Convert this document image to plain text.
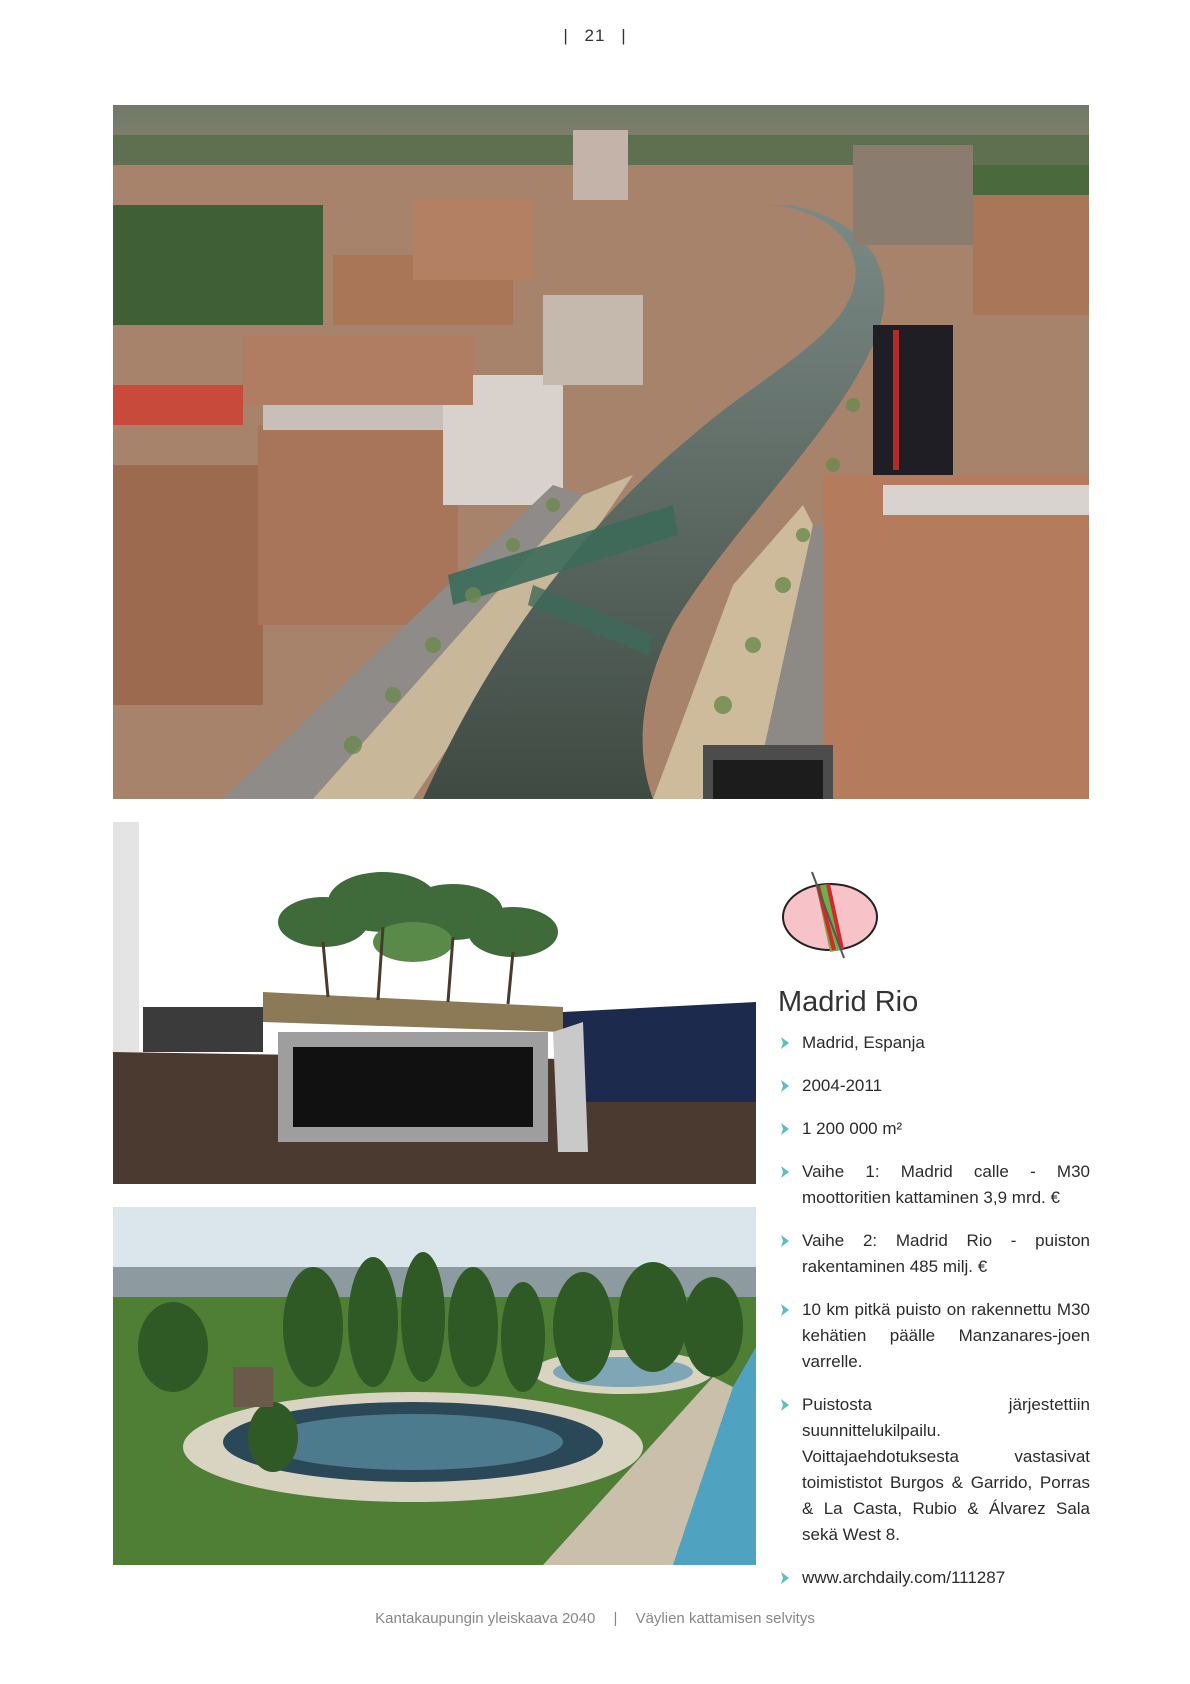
| 21 |
Madrid Rio
Madrid, Espanja
2004-2011
1 200 000 m²
Vaihe 1: Madrid calle - M30 moottoritien kattaminen 3,9 mrd. €
Vaihe 2: Madrid Rio - puiston rakentaminen 485 milj. €
10 km pitkä puisto on rakennettu M30 kehätien päälle Manzanares-joen varrelle.
Puistosta järjestettiin suunnittelukilpailu. Voittajaehdotuksesta vastasivat toimististot Burgos & Garrido, Porras & La Casta, Rubio & Álvarez Sala sekä West 8.
www.archdaily.com/111287
Kantakaupungin yleiskaava 2040 | Väylien kattamisen selvitys
